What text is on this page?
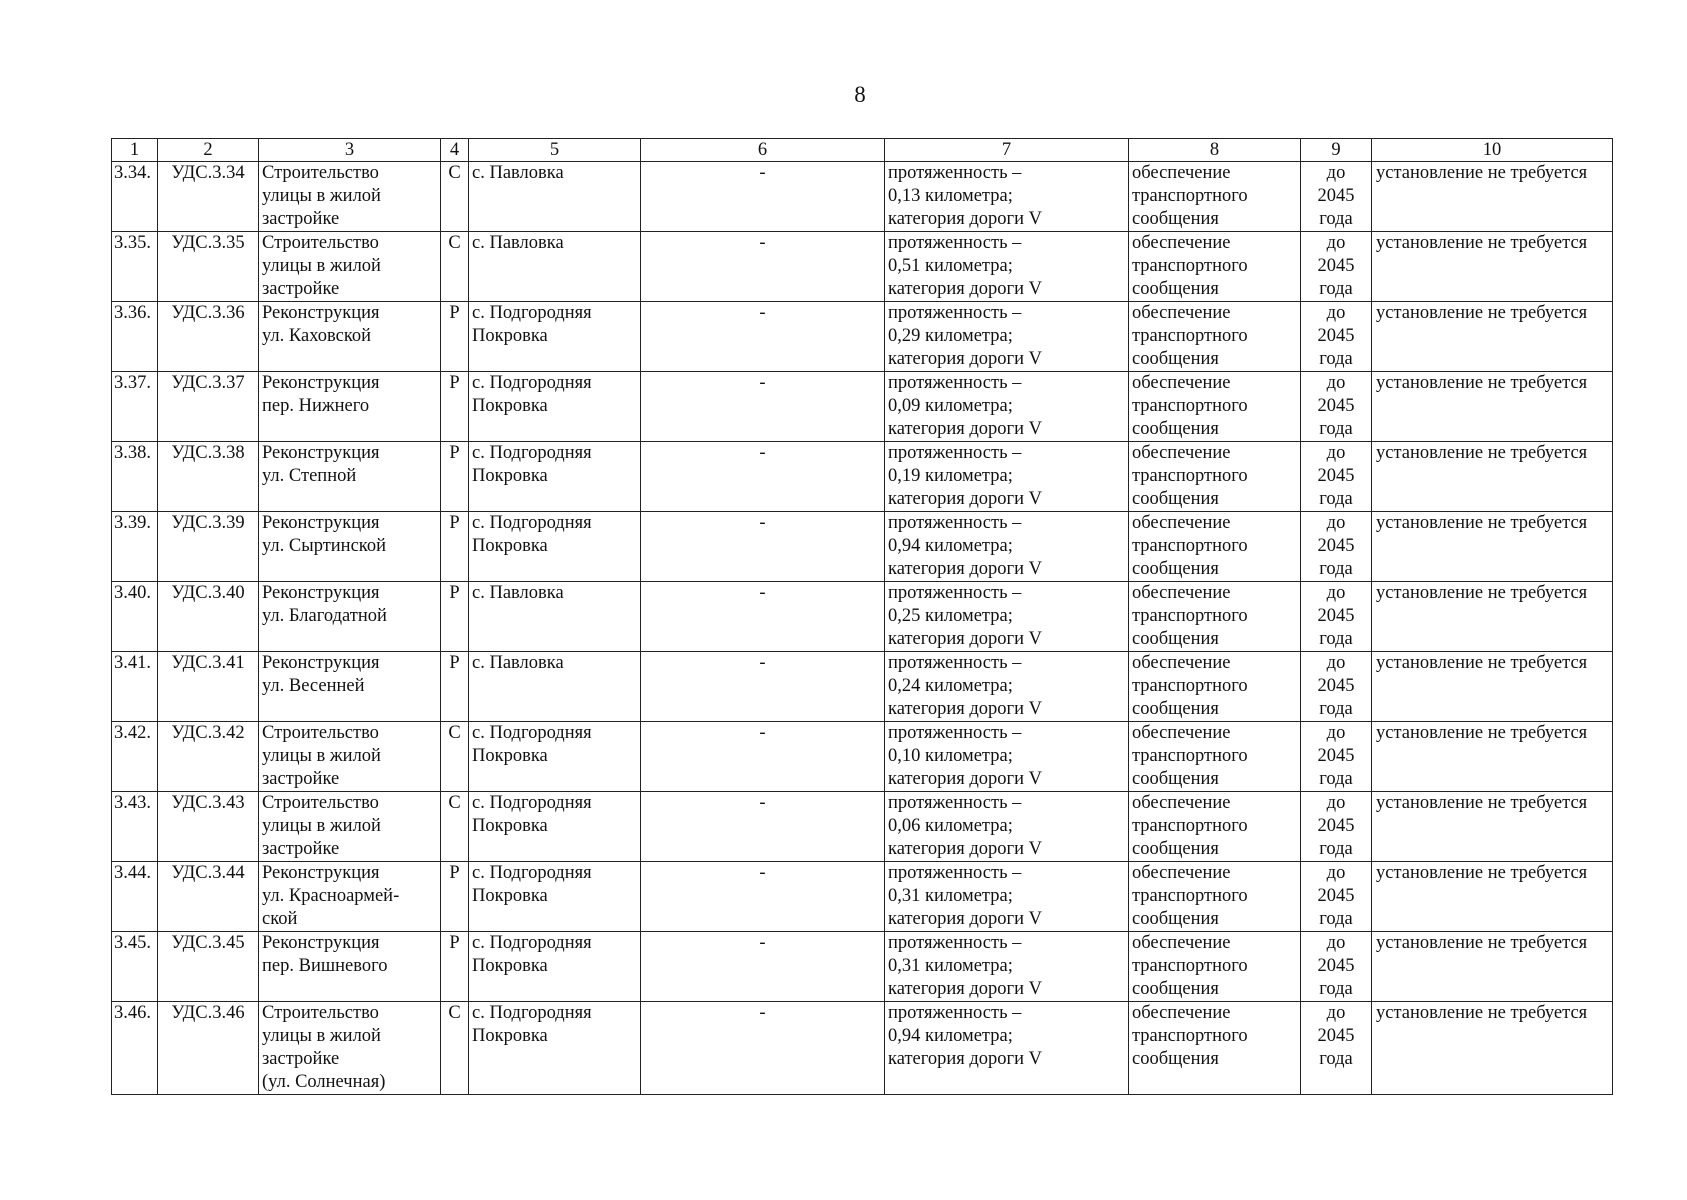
8
1	2	3	4	5	6	7	8	9	10
3.34.	УДС.3.34	Строительство
улицы в жилой
застройке	С	с. Павловка	-	протяженность –
0,13 километра;
категория дороги V	обеспечение
транспортного
сообщения	до
2045
года	установление не требуется
3.35.	УДС.3.35	Строительство
улицы в жилой
застройке	С	с. Павловка	-	протяженность –
0,51 километра;
категория дороги V	обеспечение
транспортного
сообщения	до
2045
года	установление не требуется
3.36.	УДС.3.36	Реконструкция
ул. Каховской	Р	с. Подгородняя
Покровка	-	протяженность –
0,29 километра;
категория дороги V	обеспечение
транспортного
сообщения	до
2045
года	установление не требуется
3.37.	УДС.3.37	Реконструкция
пер. Нижнего	Р	с. Подгородняя
Покровка	-	протяженность –
0,09 километра;
категория дороги V	обеспечение
транспортного
сообщения	до
2045
года	установление не требуется
3.38.	УДС.3.38	Реконструкция
ул. Степной	Р	с. Подгородняя
Покровка	-	протяженность –
0,19 километра;
категория дороги V	обеспечение
транспортного
сообщения	до
2045
года	установление не требуется
3.39.	УДС.3.39	Реконструкция
ул. Сыртинской	Р	с. Подгородняя
Покровка	-	протяженность –
0,94 километра;
категория дороги V	обеспечение
транспортного
сообщения	до
2045
года	установление не требуется
3.40.	УДС.3.40	Реконструкция
ул. Благодатной	Р	с. Павловка	-	протяженность –
0,25 километра;
категория дороги V	обеспечение
транспортного
сообщения	до
2045
года	установление не требуется
3.41.	УДС.3.41	Реконструкция
ул. Весенней	Р	с. Павловка	-	протяженность –
0,24 километра;
категория дороги V	обеспечение
транспортного
сообщения	до
2045
года	установление не требуется
3.42.	УДС.3.42	Строительство
улицы в жилой
застройке	С	с. Подгородняя
Покровка	-	протяженность –
0,10 километра;
категория дороги V	обеспечение
транспортного
сообщения	до
2045
года	установление не требуется
3.43.	УДС.3.43	Строительство
улицы в жилой
застройке	С	с. Подгородняя
Покровка	-	протяженность –
0,06 километра;
категория дороги V	обеспечение
транспортного
сообщения	до
2045
года	установление не требуется
3.44.	УДС.3.44	Реконструкция
ул. Красноармей-
ской	Р	с. Подгородняя
Покровка	-	протяженность –
0,31 километра;
категория дороги V	обеспечение
транспортного
сообщения	до
2045
года	установление не требуется
3.45.	УДС.3.45	Реконструкция
пер. Вишневого	Р	с. Подгородняя
Покровка	-	протяженность –
0,31 километра;
категория дороги V	обеспечение
транспортного
сообщения	до
2045
года	установление не требуется
3.46.	УДС.3.46	Строительство
улицы в жилой
застройке
(ул. Солнечная)	С	с. Подгородняя
Покровка	-	протяженность –
0,94 километра;
категория дороги V	обеспечение
транспортного
сообщения	до
2045
года	установление не требуется
